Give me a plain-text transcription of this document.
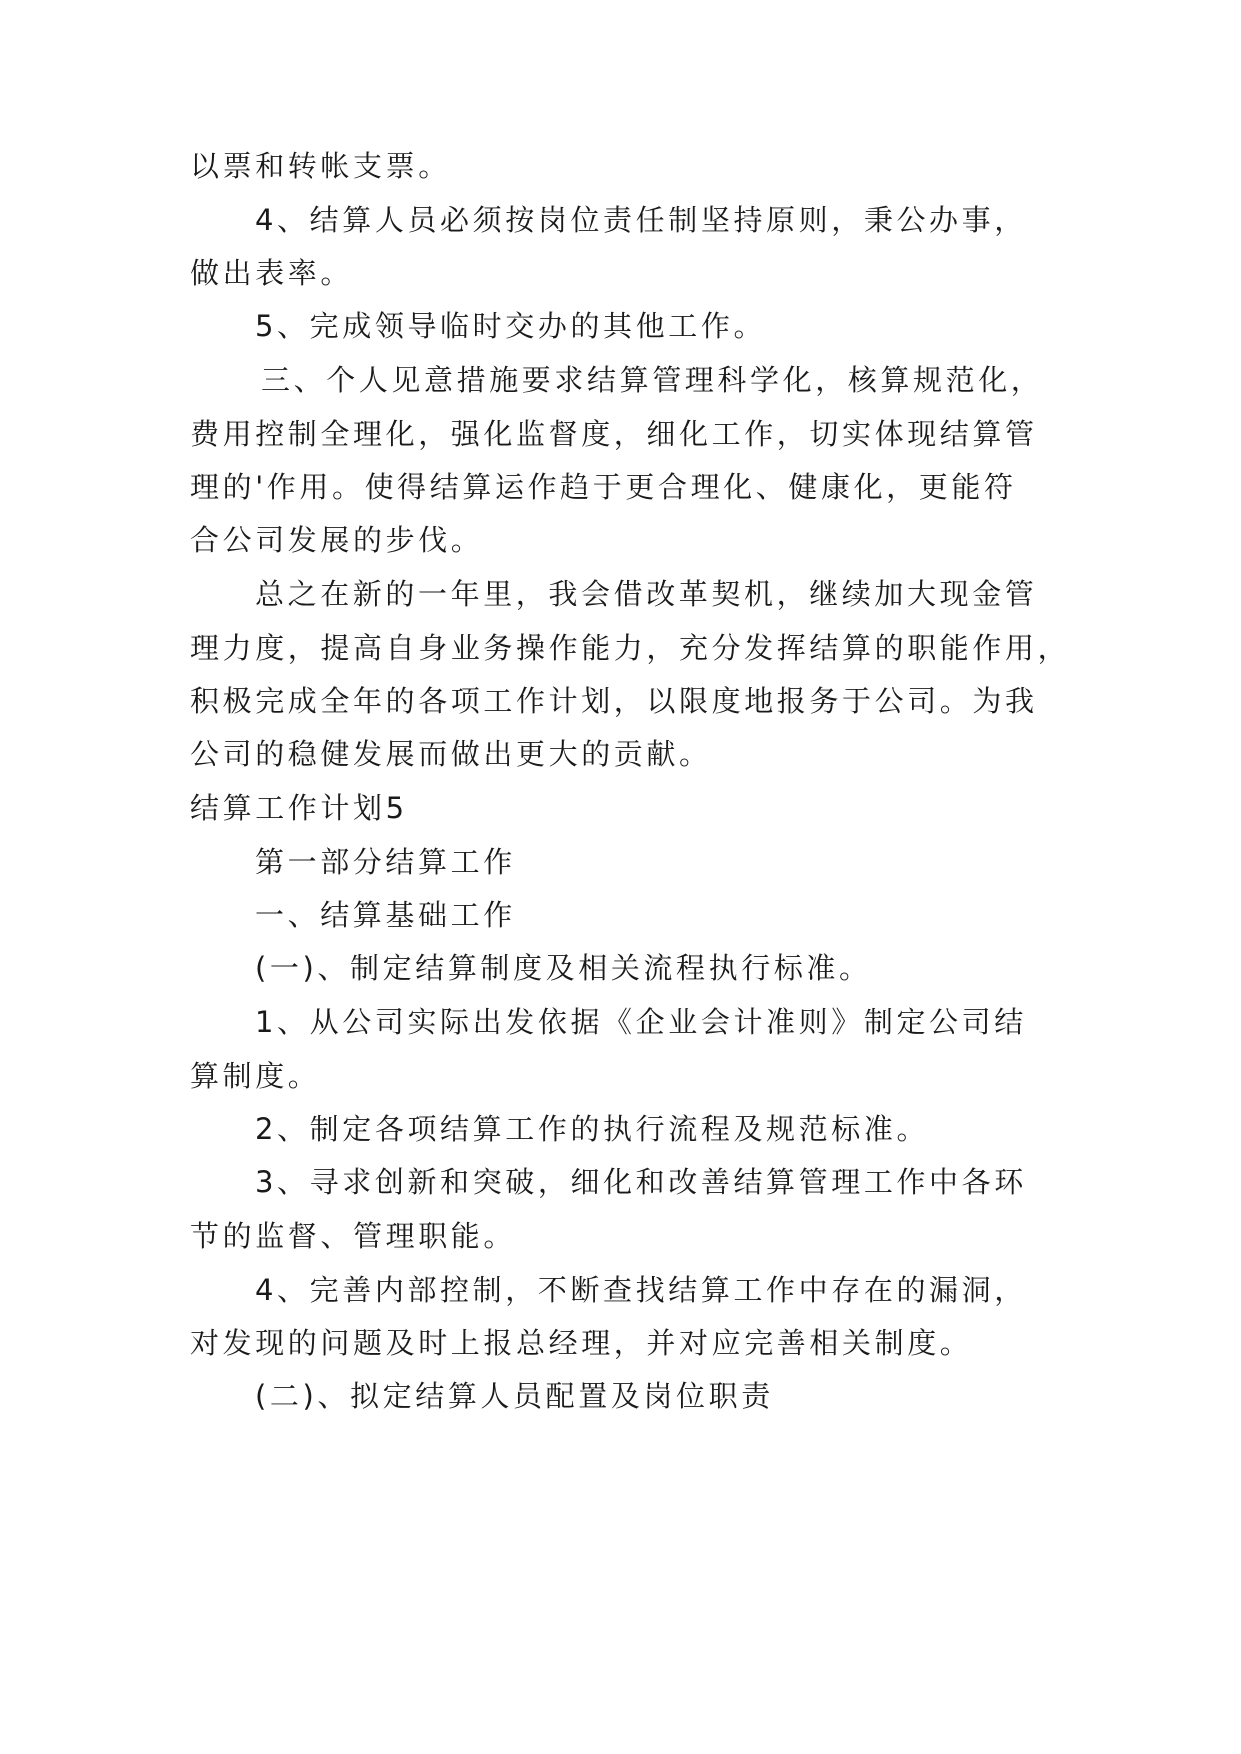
以票和转帐支票。
4、结算人员必须按岗位责任制坚持原则，秉公办事，
做出表率。
5、完成领导临时交办的其他工作。
三、个人见意措施要求结算管理科学化，核算规范化，
费用控制全理化，强化监督度，细化工作，切实体现结算管
理的'作用。使得结算运作趋于更合理化、健康化，更能符
合公司发展的步伐。
总之在新的一年里，我会借改革契机，继续加大现金管
理力度，提高自身业务操作能力，充分发挥结算的职能作用，
积极完成全年的各项工作计划，以限度地报务于公司。为我
公司的稳健发展而做出更大的贡献。
结算工作计划5
第一部分结算工作
一、结算基础工作
(一)、制定结算制度及相关流程执行标准。
1、从公司实际出发依据《企业会计准则》制定公司结
算制度。
2、制定各项结算工作的执行流程及规范标准。
3、寻求创新和突破，细化和改善结算管理工作中各环
节的监督、管理职能。
4、完善内部控制，不断查找结算工作中存在的漏洞，
对发现的问题及时上报总经理，并对应完善相关制度。
(二)、拟定结算人员配置及岗位职责
